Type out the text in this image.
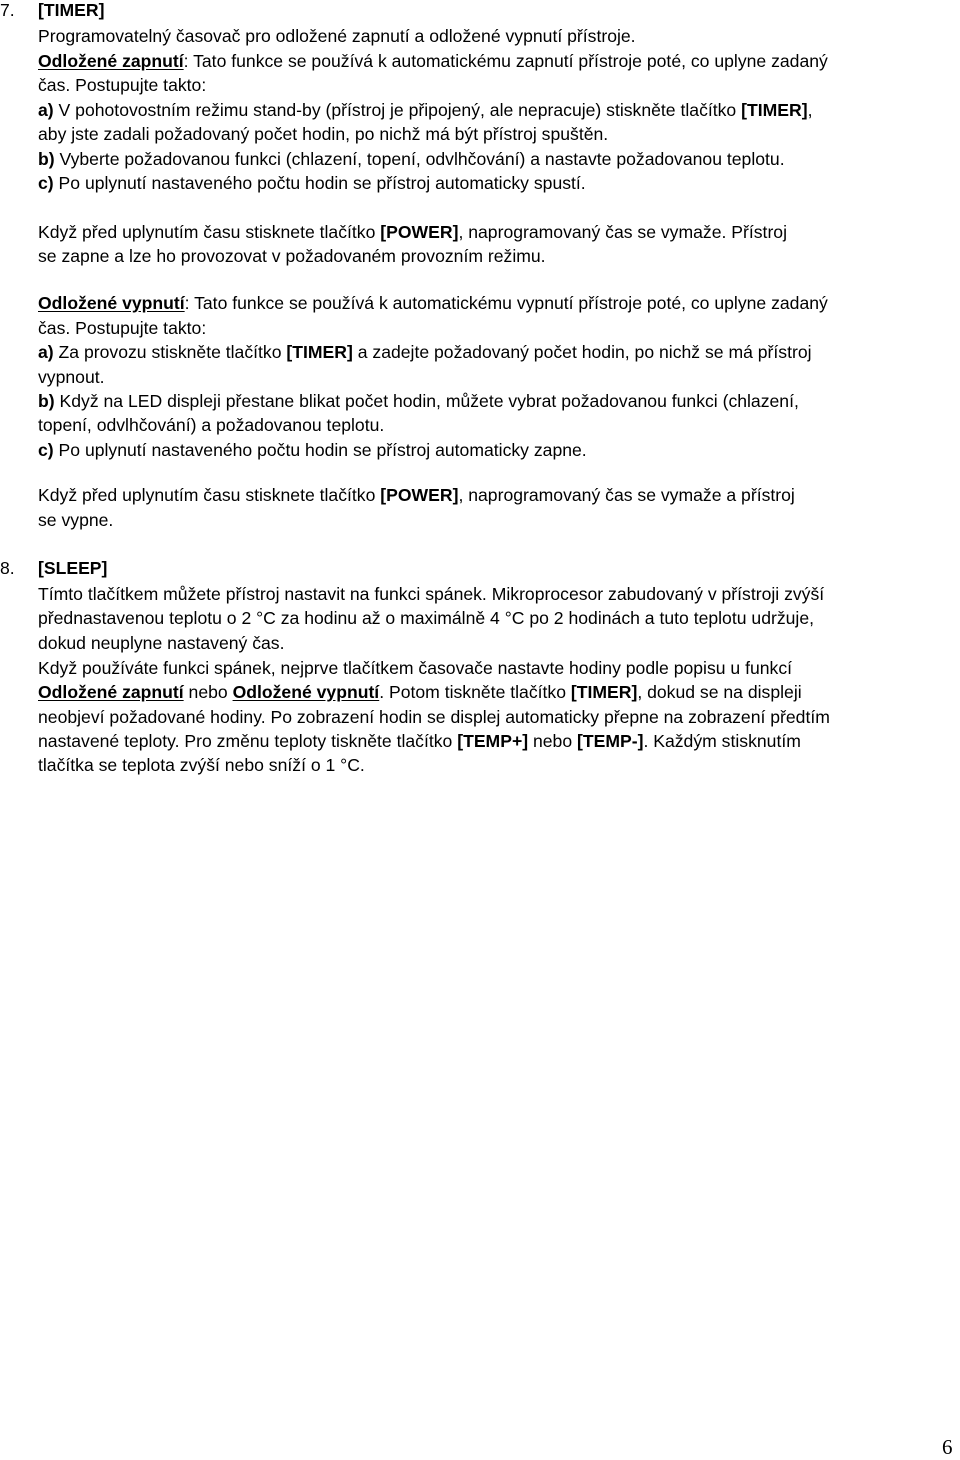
7.	[TIMER]
Programovatelný časovač pro odložené zapnutí a odložené vypnutí přístroje.
Odložené zapnutí: Tato funkce se používá k automatickému zapnutí přístroje poté, co uplyne zadaný
čas. Postupujte takto:
a) V pohotovostním režimu stand-by (přístroj je připojený, ale nepracuje) stiskněte tlačítko [TIMER],
aby jste zadali požadovaný počet hodin, po nichž má být přístroj spuštěn.
b) Vyberte požadovanou funkci (chlazení, topení, odvlhčování) a nastavte požadovanou teplotu.
c) Po uplynutí nastaveného počtu hodin se přístroj automaticky spustí.
Když před uplynutím času stisknete tlačítko [POWER], naprogramovaný čas se vymaže. Přístroj
se zapne a lze ho provozovat v požadovaném provozním režimu.
Odložené vypnutí: Tato funkce se používá k automatickému vypnutí přístroje poté, co uplyne zadaný
čas. Postupujte takto:
a) Za provozu stiskněte tlačítko [TIMER] a zadejte požadovaný počet hodin, po nichž se má přístroj
vypnout.
b) Když na LED displeji přestane blikat počet hodin, můžete vybrat požadovanou funkci (chlazení,
topení, odvlhčování) a požadovanou teplotu.
c) Po uplynutí nastaveného počtu hodin se přístroj automaticky zapne.
Když před uplynutím času stisknete tlačítko [POWER], naprogramovaný čas se vymaže a přístroj
se vypne.
8.	[SLEEP]
Tímto tlačítkem můžete přístroj nastavit na funkci spánek. Mikroprocesor zabudovaný v přístroji zvýší
přednastavenou teplotu o 2 °C za hodinu až o maximálně 4 °C po 2 hodinách a tuto teplotu udržuje,
dokud neuplyne nastavený čas.
Když používáte funkci spánek, nejprve tlačítkem časovače nastavte hodiny podle popisu u funkcí
Odložené zapnutí nebo Odložené vypnutí. Potom tiskněte tlačítko [TIMER], dokud se na displeji
neobjeví požadované hodiny. Po zobrazení hodin se displej automaticky přepne na zobrazení předtím
nastavené teploty. Pro změnu teploty tiskněte tlačítko [TEMP+] nebo [TEMP-]. Každým stisknutím
tlačítka se teplota zvýší nebo sníží o 1 °C.
6
